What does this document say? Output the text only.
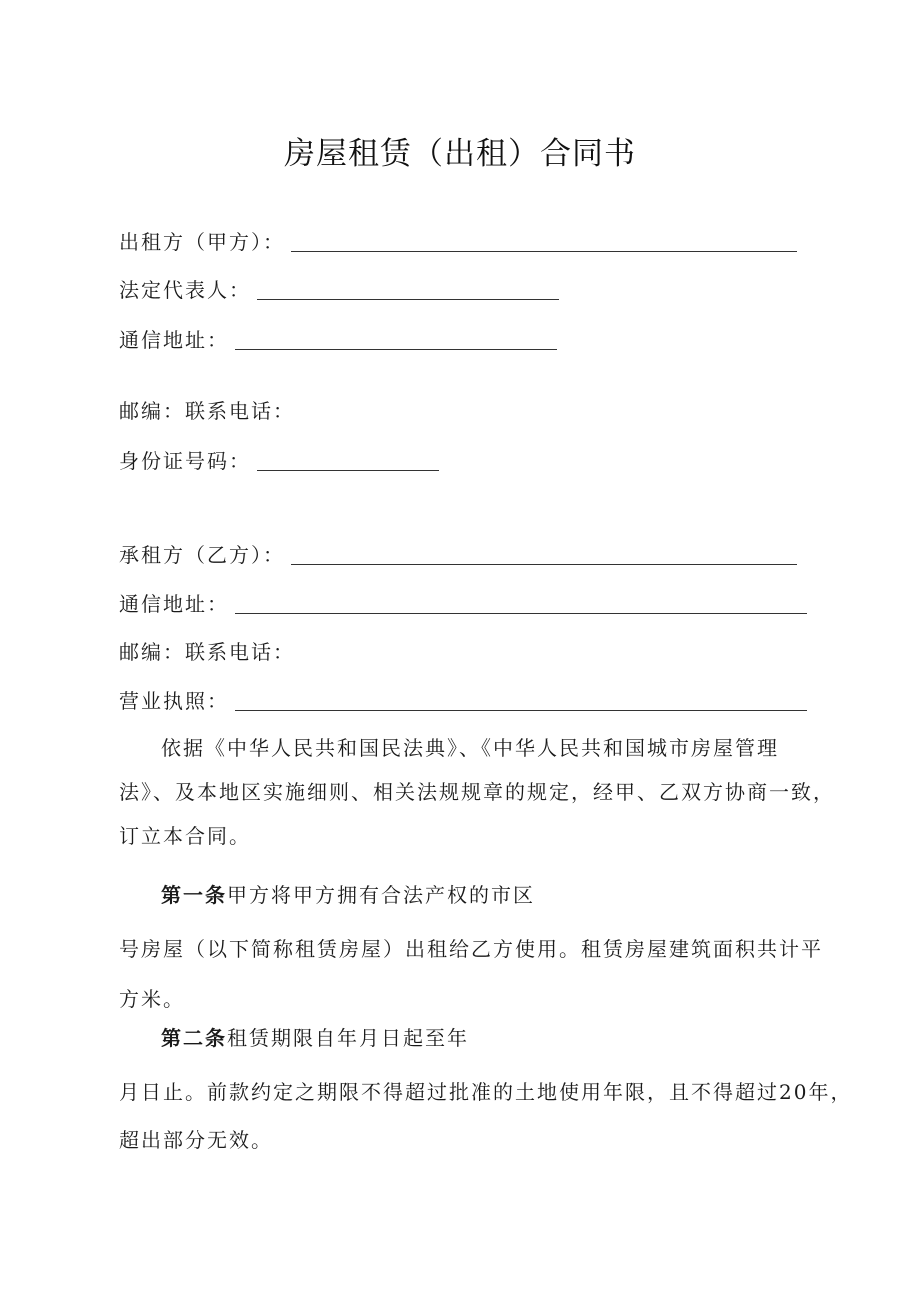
房屋租赁（出租）合同书
出租方（甲方）：
法定代表人：
通信地址：
邮编：联系电话：
身份证号码：
承租方（乙方）：
通信地址：
邮编：联系电话：
营业执照：
依据《中华人民共和国民法典》、《中华人民共和国城市房屋管理
法》、及本地区实施细则、相关法规规章的规定，经甲、乙双方协商一致，
订立本合同。
第一条甲方将甲方拥有合法产权的市区
号房屋（以下简称租赁房屋）出租给乙方使用。租赁房屋建筑面积共计平
方米。
第二条租赁期限自年月日起至年
月日止。前款约定之期限不得超过批准的土地使用年限，且不得超过20年，
超出部分无效。
